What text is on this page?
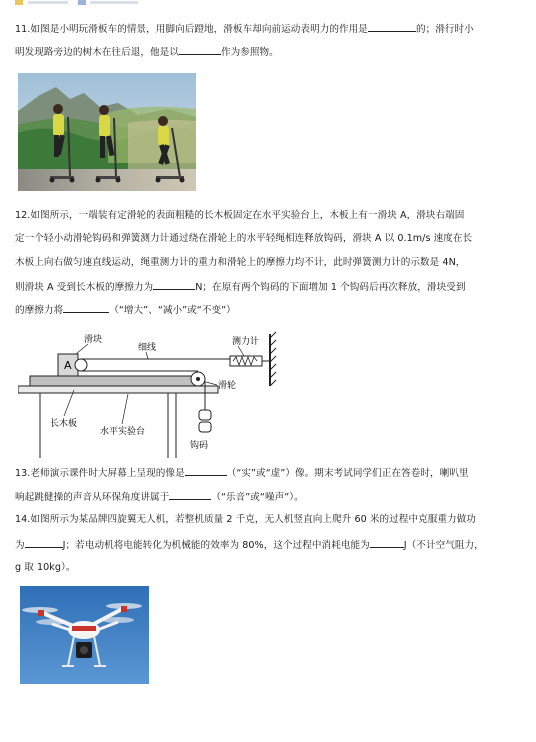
11.如图是小明玩滑板车的情景，用脚向后蹬地，滑板车却向前运动表明力的作用是	的；滑行时小
明发现路旁边的树木在往后退，他是以	作为参照物。
12.如图所示，一端装有定滑轮的表面粗糙的长木板固定在水平实验台上，木板上有一滑块 A，滑块右端固
定一个轻小动滑轮钩码和弹簧测力计通过绕在滑轮上的水平轻绳相连释放钩码，滑块 A 以 0.1m/s 速度在长
木板上向右做匀速直线运动，绳重测力计的重力和滑轮上的摩擦力均不计，此时弹簧测力计的示数是 4N，
则滑块 A 受到长木板的摩擦力为	N；在原有两个钩码的下面增加 1 个钩码后再次释放，滑块受到
的摩擦力将	（“增大”、“减小”或“不变”）
测力计
A
滑块
细线
滑轮
钩码
长木板
水平实验台
13.老师演示课件时大屏幕上呈现的像是	（“实”或“虚”）像。期末考试同学们正在答卷时，喇叭里
响起跳健操的声音从环保角度讲属于	（“乐音”或“噪声”）。
14.如图所示为某品牌四旋翼无人机，若整机质量 2 千克，无人机竖直向上爬升 60 米的过程中克服重力做功
为	J；若电动机将电能转化为机械能的效率为 80%，这个过程中消耗电能为	J（不计空气阻力，
g 取 10kg）。
